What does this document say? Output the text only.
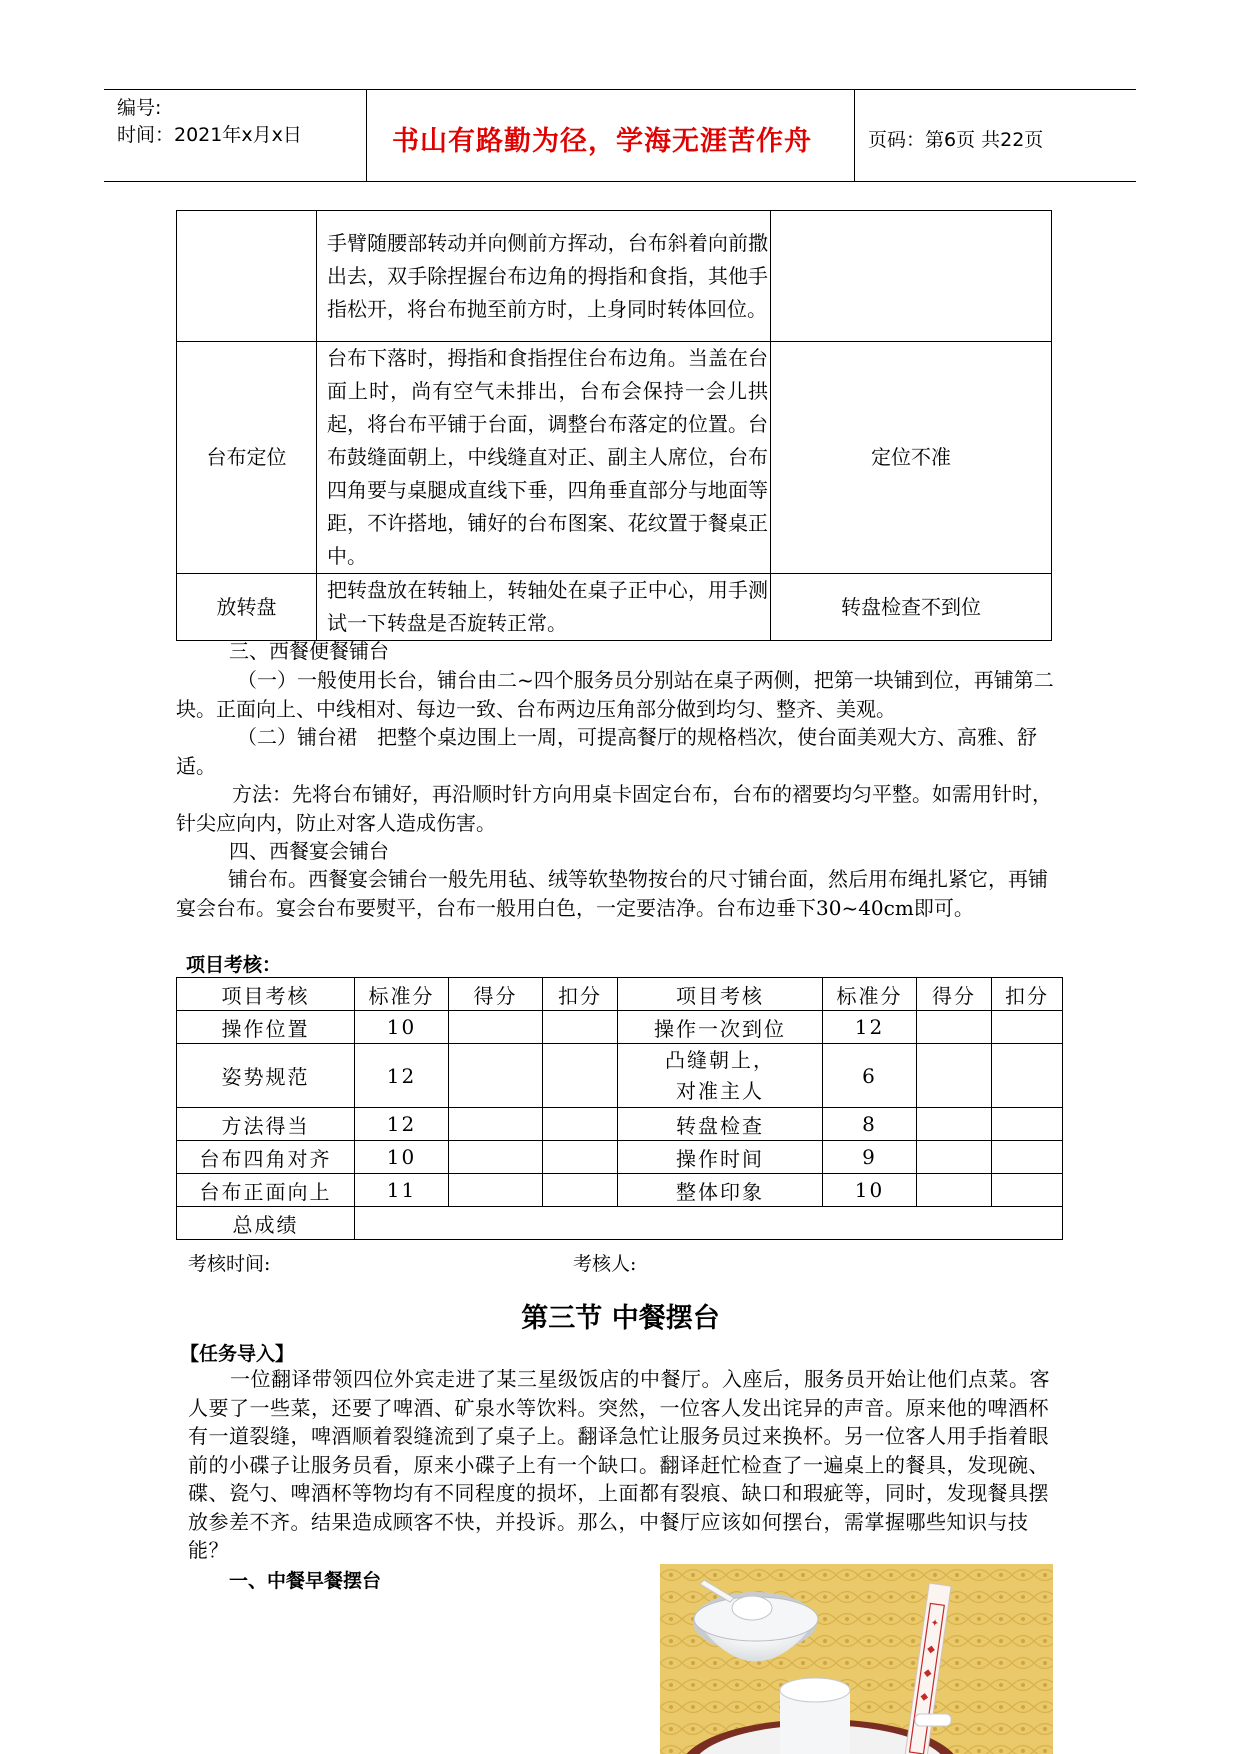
编号:
时间：2021年x月x日	书山有路勤为径，学海无涯苦作舟	页码：第6页 共22页
	手臂随腰部转动并向侧前方挥动，台布斜着向前撒出去，双手除捏握台布边角的拇指和食指，其他手指松开，将台布抛至前方时，上身同时转体回位。	
台布定位	台布下落时，拇指和食指捏住台布边角。当盖在台面上时，尚有空气未排出，台布会保持一会儿拱起，将台布平铺于台面，调整台布落定的位置。台布鼓缝面朝上，中线缝直对正、副主人席位，台布四角要与桌腿成直线下垂，四角垂直部分与地面等距，不许搭地，铺好的台布图案、花纹置于餐桌正中。	定位不准
放转盘	把转盘放在转轴上，转轴处在桌子正中心，用手测试一下转盘是否旋转正常。	转盘检查不到位
三、西餐便餐铺台
（一）一般使用长台，铺台由二~四个服务员分别站在桌子两侧，把第一块铺到位，再铺第二块。正面向上、中线相对、每边一致、台布两边压角部分做到均匀、整齐、美观。
（二）铺台裙　把整个桌边围上一周，可提高餐厅的规格档次，使台面美观大方、高雅、舒适。
方法：先将台布铺好，再沿顺时针方向用桌卡固定台布，台布的褶要均匀平整。如需用针时，针尖应向内，防止对客人造成伤害。
四、西餐宴会铺台
铺台布。西餐宴会铺台一般先用毡、绒等软垫物按台的尺寸铺台面，然后用布绳扎紧它，再铺宴会台布。宴会台布要熨平，台布一般用白色，一定要洁净。台布边垂下30~40cm即可。
项目考核：
项目考核	标准分	得分	扣分	项目考核	标准分	得分	扣分
操作位置	10			操作一次到位	12		
姿势规范	12			凸缝朝上，对准主人	6		
方法得当	12			转盘检查	8		
台布四角对齐	10			操作时间	9		
台布正面向上	11			整体印象	10		
总成绩							
考核时间:	考核人:
第三节 中餐摆台
【任务导入】
一位翻译带领四位外宾走进了某三星级饭店的中餐厅。入座后，服务员开始让他们点菜。客人要了一些菜，还要了啤酒、矿泉水等饮料。突然，一位客人发出诧异的声音。原来他的啤酒杯有一道裂缝，啤酒顺着裂缝流到了桌子上。翻译急忙让服务员过来换杯。另一位客人用手指着眼前的小碟子让服务员看，原来小碟子上有一个缺口。翻译赶忙检查了一遍桌上的餐具，发现碗、碟、瓷勺、啤酒杯等物均有不同程度的损坏，上面都有裂痕、缺口和瑕疵等，同时，发现餐具摆放参差不齐。结果造成顾客不快，并投诉。那么，中餐厅应该如何摆台，需掌握哪些知识与技能？
一、中餐早餐摆台
✦
◆
◆
◆
